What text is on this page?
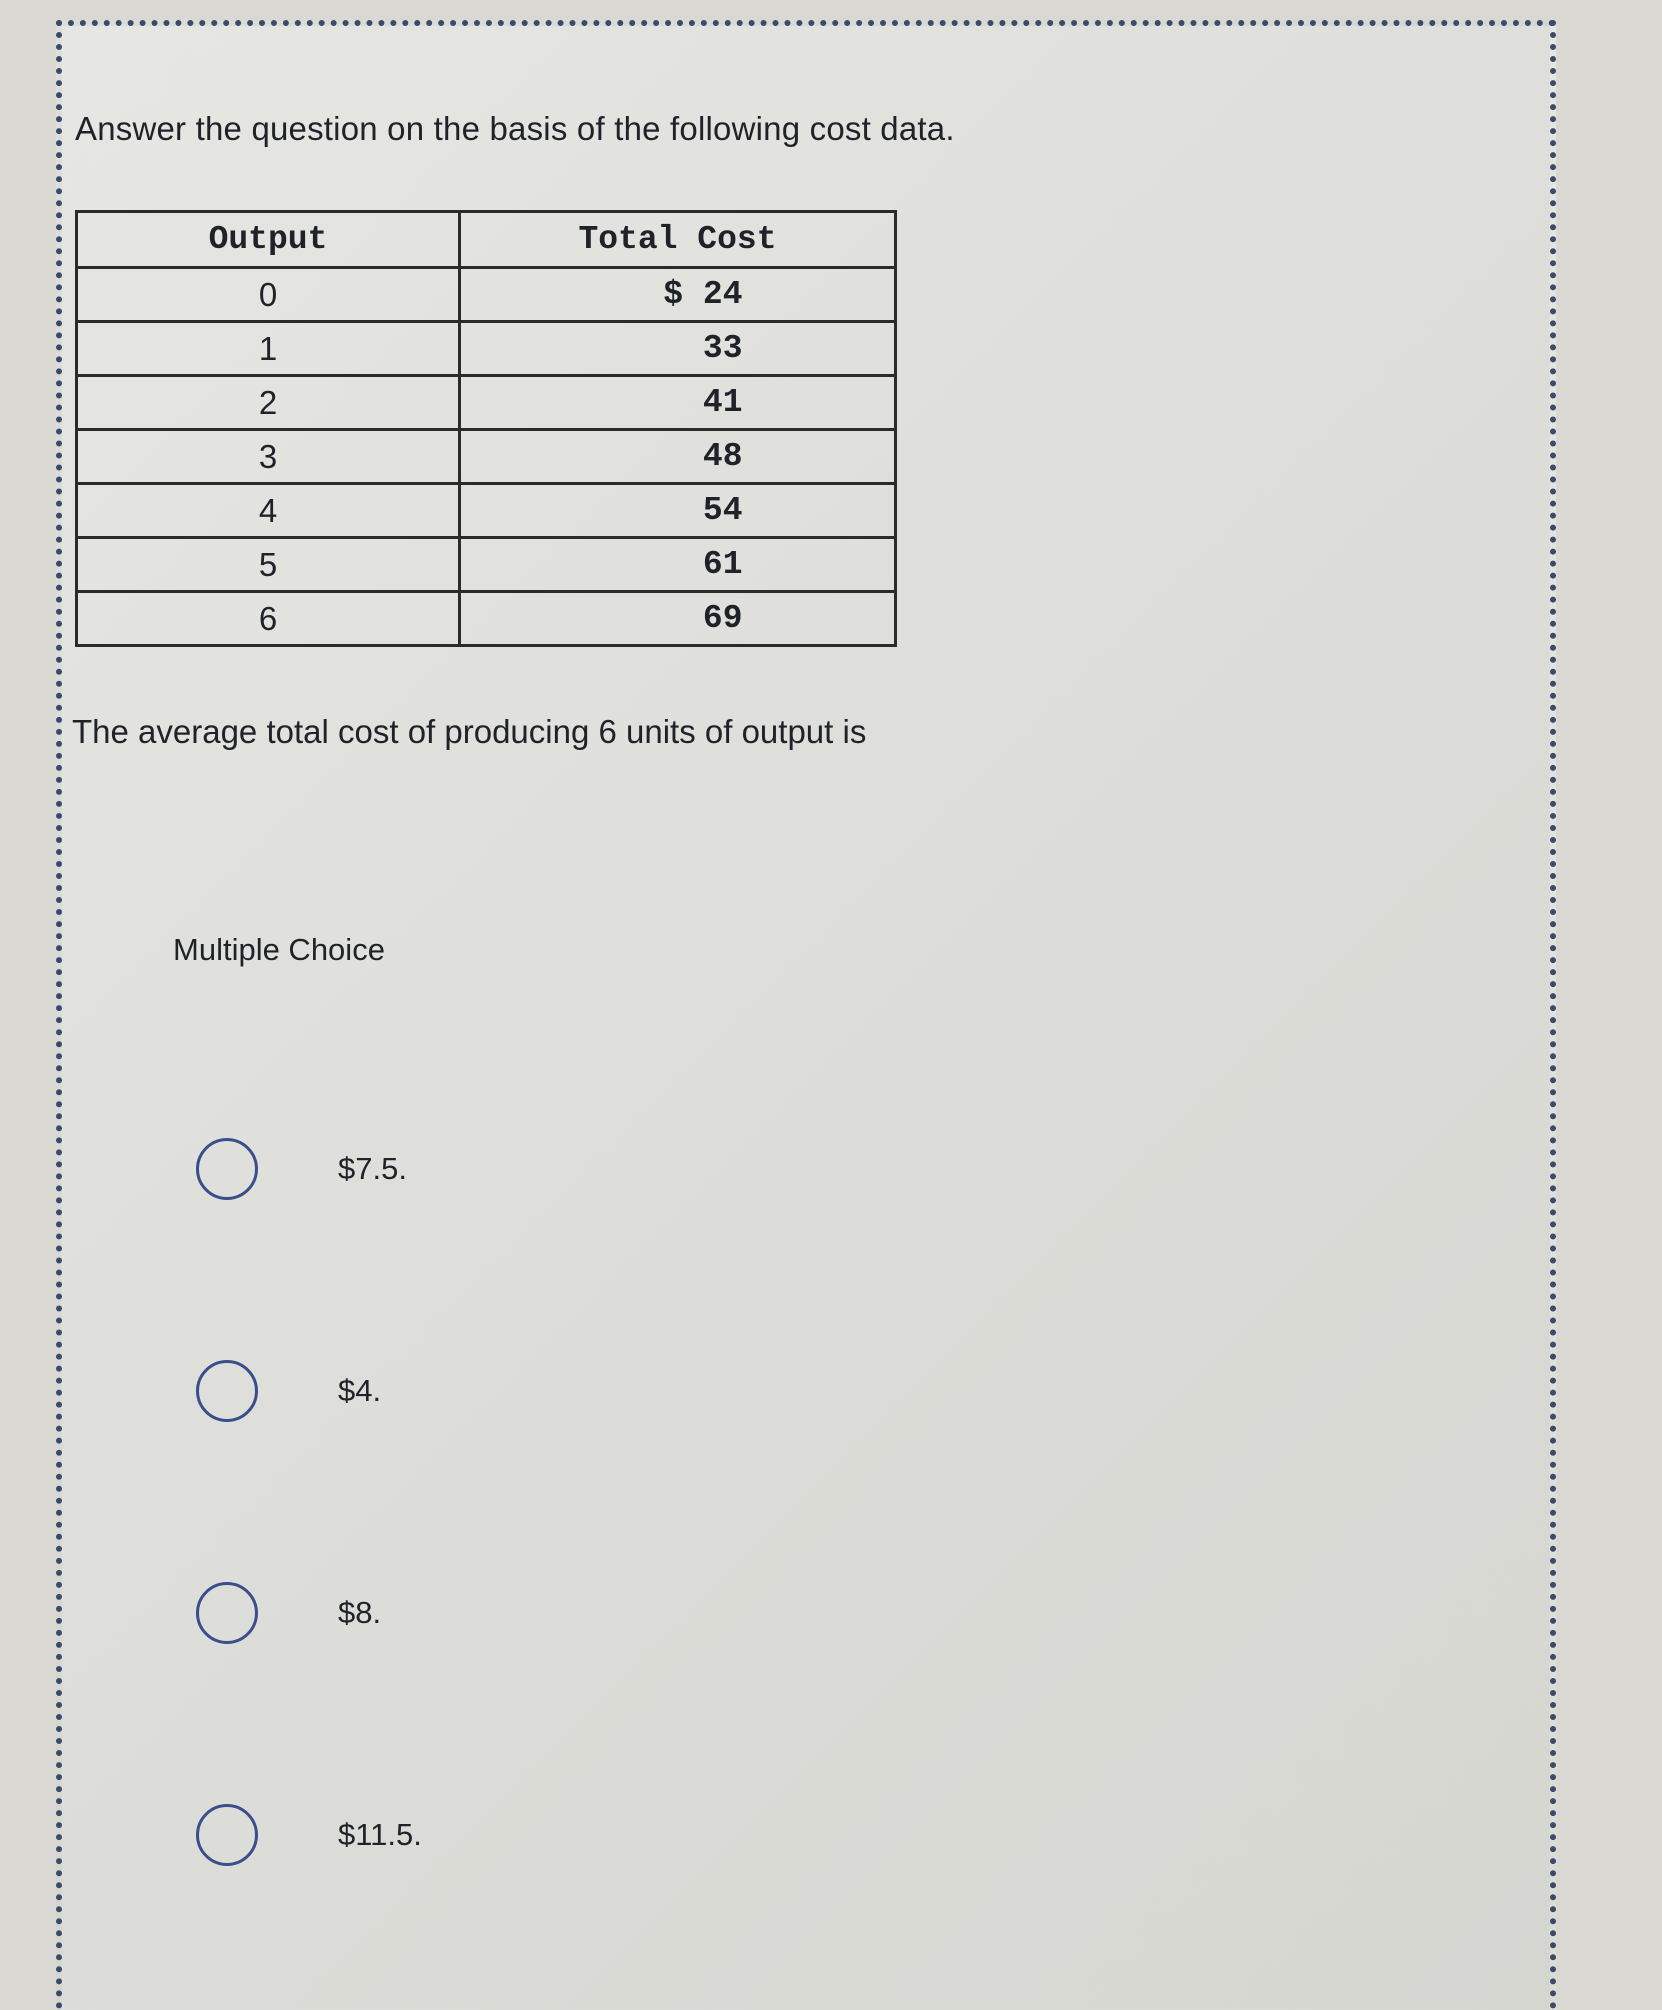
Answer the question on the basis of the following cost data.
Output	Total Cost
0	$ 24
1	33
2	41
3	48
4	54
5	61
6	69
The average total cost of producing 6 units of output is
Multiple Choice
$7.5.
$4.
$8.
$11.5.
